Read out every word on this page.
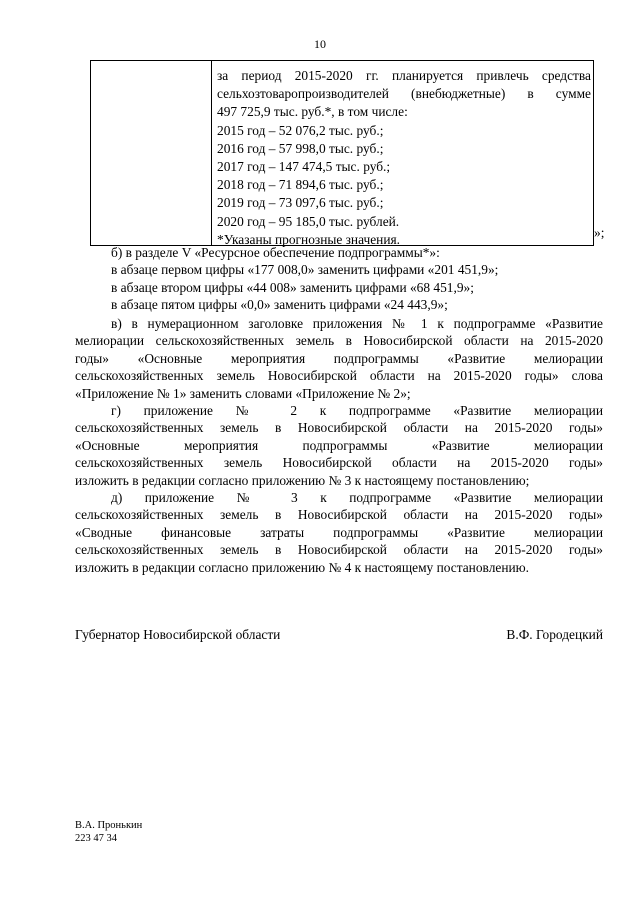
10
за период 2015-2020 гг. планируется привлечь средства
сельхозтоваропроизводителей (внебюджетные) в сумме
497 725,9 тыс. руб.*, в том числе:
2015 год – 52 076,2 тыс. руб.;
2016 год – 57 998,0 тыс. руб.;
2017 год – 147 474,5 тыс. руб.;
2018 год – 71 894,6 тыс. руб.;
2019 год – 73 097,6 тыс. руб.;
2020 год – 95 185,0 тыс. рублей.
*Указаны прогнозные значения.	»;

б) в разделе V «Ресурсное обеспечение подпрограммы*»:

в абзаце первом цифры «177 008,0» заменить цифрами «201 451,9»;

в абзаце втором цифры «44 008» заменить цифрами «68 451,9»;

в абзаце пятом цифры «0,0» заменить цифрами «24 443,9»;

в) в нумерационном заголовке приложения № 1 к подпрограмме «Развитие
мелиорации сельскохозяйственных земель в Новосибирской области на 2015-2020
годы» «Основные мероприятия подпрограммы «Развитие мелиорации
сельскохозяйственных земель Новосибирской области на 2015-2020 годы» слова
«Приложение № 1» заменить словами «Приложение № 2»;
г) приложение № 2 к подпрограмме «Развитие мелиорации
сельскохозяйственных земель в Новосибирской области на 2015-2020 годы»
«Основные мероприятия подпрограммы «Развитие мелиорации
сельскохозяйственных земель Новосибирской области на 2015-2020 годы»
изложить в редакции согласно приложению № 3 к настоящему постановлению;
д) приложение № 3 к подпрограмме «Развитие мелиорации
сельскохозяйственных земель в Новосибирской области на 2015-2020 годы»
«Сводные финансовые затраты подпрограммы «Развитие мелиорации
сельскохозяйственных земель в Новосибирской области на 2015-2020 годы»
изложить в редакции согласно приложению № 4 к настоящему постановлению.
Губернатор Новосибирской области	В.Ф. Городецкий
В.А. Пронькин
223 47 34
